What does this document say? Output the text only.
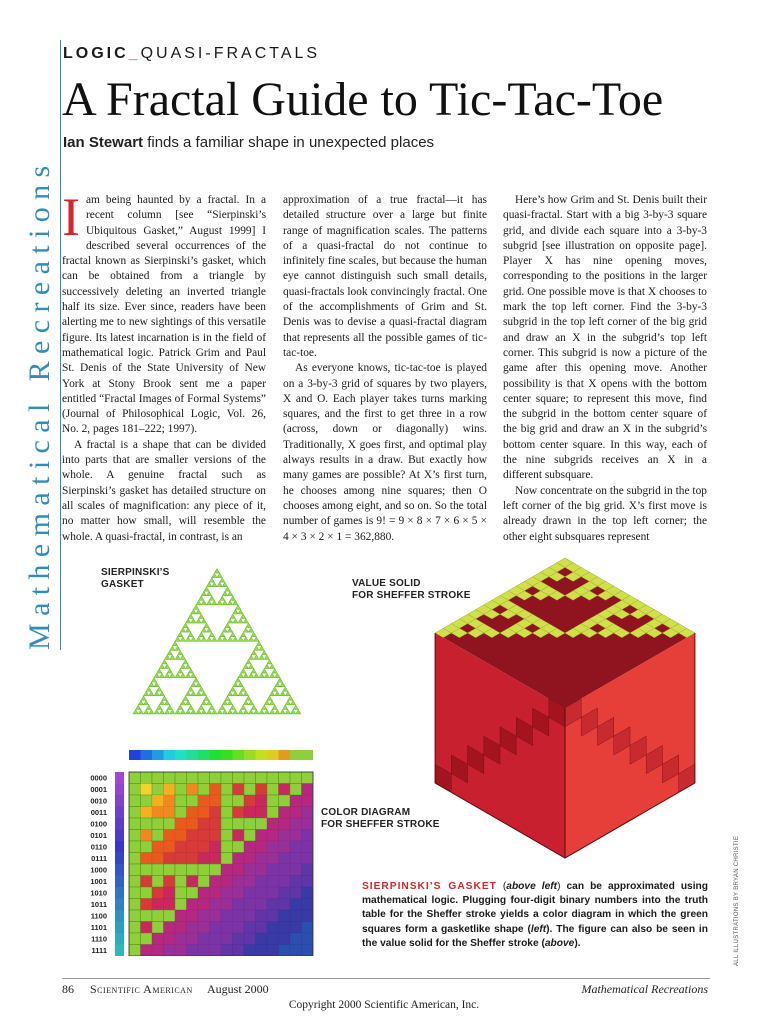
Mathematical Recreations
LOGIC_QUASI-FRACTALS
A Fractal Guide to Tic-Tac-Toe
Ian Stewart finds a familiar shape in unexpected places
I am being haunted by a fractal. In a recent column [see “Sierpinski’s Ubiquitous Gasket,” August 1999] I described several occurrences of the fractal known as Sierpinski’s gasket, which can be obtained from a triangle by successively deleting an inverted triangle half its size. Ever since, readers have been alerting me to new sightings of this versatile figure. Its latest incarnation is in the field of mathematical logic. Patrick Grim and Paul St. Denis of the State University of New York at Stony Brook sent me a paper entitled “Fractal Images of Formal Systems” (Journal of Philosophical Logic, Vol. 26, No. 2, pages 181–222; 1997).

A fractal is a shape that can be divided into parts that are smaller versions of the whole. A genuine fractal such as Sierpinski’s gasket has detailed structure on all scales of magnification: any piece of it, no matter how small, will resemble the whole. A quasi-fractal, in contrast, is an

approximation of a true fractal—it has detailed structure over a large but finite range of magnification scales. The patterns of a quasi-fractal do not continue to infinitely fine scales, but because the human eye cannot distinguish such small details, quasi-fractals look convincingly fractal. One of the accomplishments of Grim and St. Denis was to devise a quasi-fractal diagram that represents all the possible games of tic-tac-toe.

As everyone knows, tic-tac-toe is played on a 3-by-3 grid of squares by two players, X and O. Each player takes turns marking squares, and the first to get three in a row (across, down or diagonally) wins. Traditionally, X goes first, and optimal play always results in a draw. But exactly how many games are possible? At X’s first turn, he chooses among nine squares; then O chooses among eight, and so on. So the total number of games is 9! = 9 × 8 × 7 × 6 × 5 × 4 × 3 × 2 × 1 = 362,880.

Here’s how Grim and St. Denis built their quasi-fractal. Start with a big 3-by-3 square grid, and divide each square into a 3-by-3 subgrid [see illustration on opposite page]. Player X has nine opening moves, corresponding to the positions in the larger grid. One possible move is that X chooses to mark the top left corner. Find the 3-by-3 subgrid in the top left corner of the big grid and draw an X in the subgrid’s top left corner. This subgrid is now a picture of the game after this opening move. Another possibility is that X opens with the bottom center square; to represent this move, find the subgrid in the bottom center square of the big grid and draw an X in the subgrid’s bottom center square. In this way, each of the nine subgrids receives an X in a different subsquare.

Now concentrate on the subgrid in the top left corner of the big grid. X’s first move is already drawn in the top left corner; the other eight subsquares represent

SIERPINSKI’S
GASKET	VALUE SOLID
FOR SHEFFER STROKE
COLOR DIAGRAM
FOR SHEFFER STROKE
0000
0001
0010
0011
0100
0101
0110
0111
1000
1001
1010
1011
1100
1101
1110
1111
SIERPINSKI’S GASKET (above left) can be approximated using mathematical logic. Plugging four-digit binary numbers into the truth table for the Sheffer stroke yields a color diagram in which the green squares form a gasketlike shape (left). The figure can also be seen in the value solid for the Sheffer stroke (above).	ALL ILLUSTRATIONS BY BRYAN CHRISTIE
86 Scientific American August 2000	Mathematical Recreations
Copyright 2000 Scientific American, Inc.
